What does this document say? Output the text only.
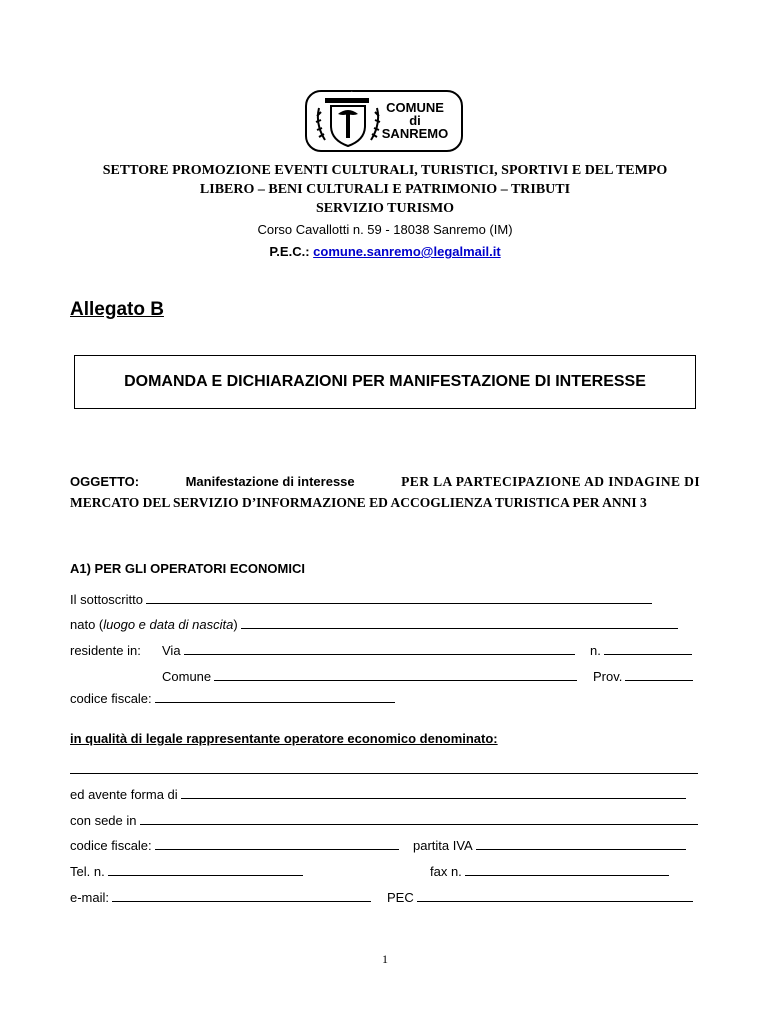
COMUNE
di
SANREMO
MUNICIPALITÀ
SETTORE PROMOZIONE EVENTI CULTURALI, TURISTICI, SPORTIVI E DEL TEMPO
LIBERO – BENI CULTURALI E PATRIMONIO – TRIBUTI
SERVIZIO TURISMO
Corso Cavallotti n. 59 - 18038 Sanremo (IM)
P.E.C.: comune.sanremo@legalmail.it
Allegato B
DOMANDA E DICHIARAZIONI PER MANIFESTAZIONE DI INTERESSE
OGGETTO:	Manifestazione di interesse	PER LA PARTECIPAZIONE AD INDAGINE DI
MERCATO DEL SERVIZIO D’INFORMAZIONE ED ACCOGLIENZA TURISTICA PER ANNI 3
A1) PER GLI OPERATORI ECONOMICI
Il sottoscritto
nato (luogo e data di nascita)
residente in: Via	n.
Comune	Prov.
codice fiscale:
in qualità di legale rappresentante operatore economico denominato:
ed avente forma di
con sede in
codice fiscale:	partita IVA
Tel. n.	fax n.
e-mail:	PEC
1
